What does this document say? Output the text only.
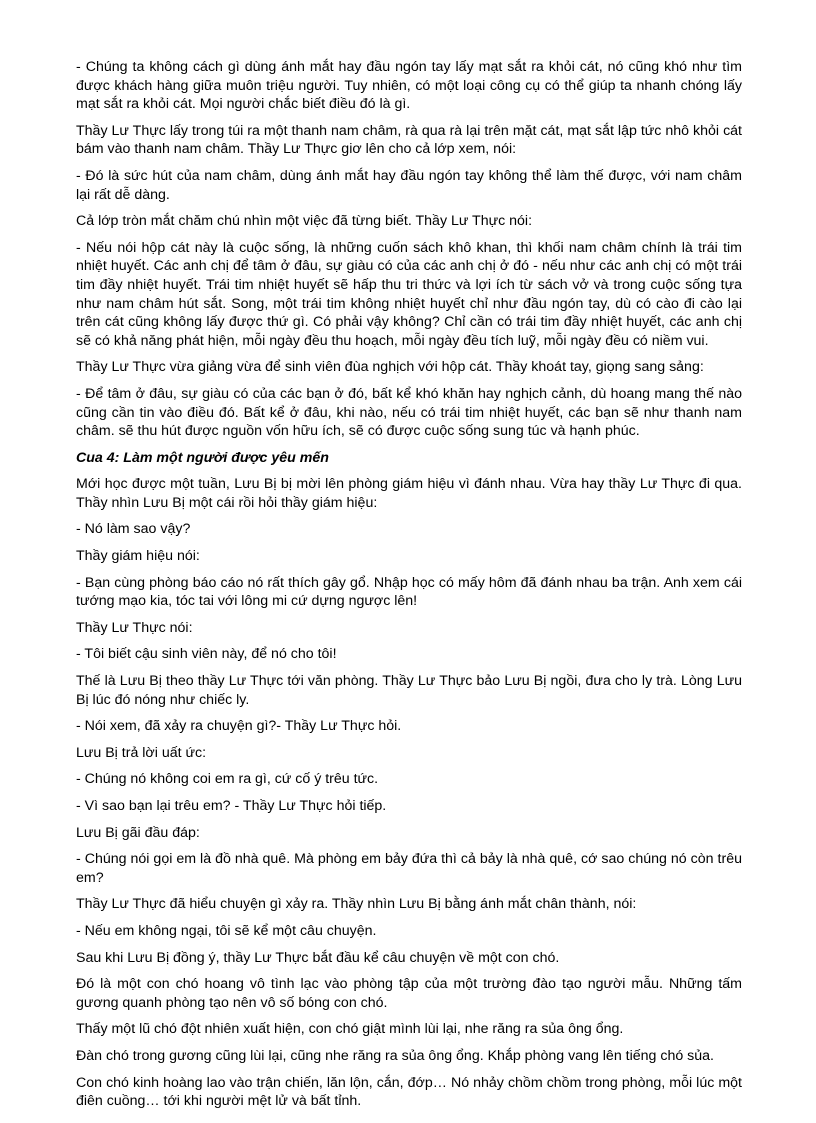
- Chúng ta không cách gì dùng ánh mắt hay đầu ngón tay lấy mạt sắt ra khỏi cát, nó cũng khó như tìm được khách hàng giữa muôn triệu người. Tuy nhiên, có một loại công cụ có thể giúp ta nhanh chóng lấy mạt sắt ra khỏi cát. Mọi người chắc biết điều đó là gì.

Thầy Lư Thực lấy trong túi ra một thanh nam châm, rà qua rà lại trên mặt cát, mạt sắt lập tức nhô khỏi cát bám vào thanh nam châm. Thầy Lư Thực giơ lên cho cả lớp xem, nói:

- Đó là sức hút của nam châm, dùng ánh mắt hay đầu ngón tay không thể làm thế được, với nam châm lại rất dễ dàng.

Cả lớp tròn mắt chăm chú nhìn một việc đã từng biết. Thầy Lư Thực nói:

- Nếu nói hộp cát này là cuộc sống, là những cuốn sách khô khan, thì khối nam châm chính là trái tim nhiệt huyết. Các anh chị để tâm ở đâu, sự giàu có của các anh chị ở đó - nếu như các anh chị có một trái tim đầy nhiệt huyết. Trái tim nhiệt huyết sẽ hấp thu tri thức và lợi ích từ sách vở và trong cuộc sống tựa như nam châm hút sắt. Song, một trái tim không nhiệt huyết chỉ như đầu ngón tay, dù có cào đi cào lại trên cát cũng không lấy được thứ gì. Có phải vậy không? Chỉ cần có trái tim đầy nhiệt huyết, các anh chị sẽ có khả năng phát hiện, mỗi ngày đều thu hoạch, mỗi ngày đều tích luỹ, mỗi ngày đều có niềm vui.

Thầy Lư Thực vừa giảng vừa để sinh viên đùa nghịch với hộp cát. Thầy khoát tay, giọng sang sảng:

- Để tâm ở đâu, sự giàu có của các bạn ở đó, bất kể khó khăn hay nghịch cảnh, dù hoang mang thế nào cũng cần tin vào điều đó. Bất kể ở đâu, khi nào, nếu có trái tim nhiệt huyết, các bạn sẽ như thanh nam châm. sẽ thu hút được nguồn vốn hữu ích, sẽ có được cuộc sống sung túc và hạnh phúc.

Cua 4: Làm một người được yêu mến

Mới học được một tuần, Lưu Bị bị mời lên phòng giám hiệu vì đánh nhau. Vừa hay thầy Lư Thực đi qua. Thầy nhìn Lưu Bị một cái rồi hỏi thầy giám hiệu:

- Nó làm sao vậy?

Thầy giám hiệu nói:

- Bạn cùng phòng báo cáo nó rất thích gây gổ. Nhập học có mấy hôm đã đánh nhau ba trận. Anh xem cái tướng mạo kia, tóc tai với lông mi cứ dựng ngược lên!

Thầy Lư Thực nói:

- Tôi biết cậu sinh viên này, để nó cho tôi!

Thế là Lưu Bị theo thầy Lư Thực tới văn phòng. Thầy Lư Thực bảo Lưu Bị ngồi, đưa cho ly trà. Lòng Lưu Bị lúc đó nóng như chiếc ly.

- Nói xem, đã xảy ra chuyện gì?- Thầy Lư Thực hỏi.

Lưu Bị trả lời uất ức:

- Chúng nó không coi em ra gì, cứ cố ý trêu tức.

- Vì sao bạn lại trêu em? - Thầy Lư Thực hỏi tiếp.

Lưu Bị gãi đầu đáp:

- Chúng nói gọi em là đồ nhà quê. Mà phòng em bảy đứa thì cả bảy là nhà quê, cớ sao chúng nó còn trêu em?

Thầy Lư Thực đã hiểu chuyện gì xảy ra. Thầy nhìn Lưu Bị bằng ánh mắt chân thành, nói:

- Nếu em không ngại, tôi sẽ kể một câu chuyện.

Sau khi Lưu Bị đồng ý, thầy Lư Thực bắt đầu kể câu chuyện về một con chó.

Đó là một con chó hoang vô tình lạc vào phòng tập của một trường đào tạo người mẫu. Những tấm gương quanh phòng tạo nên vô số bóng con chó.

Thấy một lũ chó đột nhiên xuất hiện, con chó giật mình lùi lại, nhe răng ra sủa ông ổng.

Đàn chó trong gương cũng lùi lại, cũng nhe răng ra sủa ông ổng. Khắp phòng vang lên tiếng chó sủa.

Con chó kinh hoàng lao vào trận chiến, lăn lộn, cắn, đớp… Nó nhảy chồm chồm trong phòng, mỗi lúc một điên cuồng… tới khi người mệt lử và bất tỉnh.
